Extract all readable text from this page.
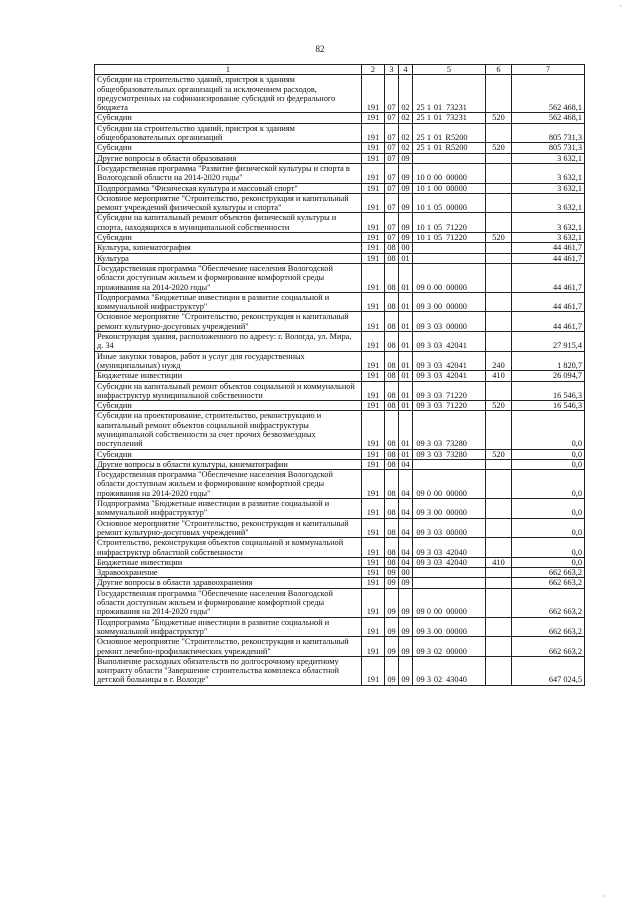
·
82
1	2	3	4	5	6	7
Субсидии на строительство зданий, пристроя к зданиям общеобразовательных организаций за исключением расходов, предусмотренных на софинансирование субсидий из федерального бюджета	191	07	02	25 1 01 73231		562 468,1
Субсидии	191	07	02	25 1 01 73231	520	562 468,1
Субсидии на строительство зданий, пристроя к зданиям общеобразовательных организаций	191	07	02	25 1 01 R5200		805 731,3
Субсидии	191	07	02	25 1 01 R5200	520	805 731,3
Другие вопросы в области образования	191	07	09			3 632,1
Государственная программа "Развитие физической культуры и спорта в Вологодской области на 2014-2020 годы"	191	07	09	10 0 00 00000		3 632,1
Подпрограмма "Физическая культура и массовый спорт"	191	07	09	10 1 00 00000		3 632,1
Основное мероприятие "Строительство, реконструкция и капитальный ремонт учреждений физической культуры и спорта"	191	07	09	10 1 05 00000		3 632,1
Субсидии на капитальный ремонт объектов физической культуры и спорта, находящихся в муниципальной собственности	191	07	09	10 1 05 71220		3 632,1
Субсидии	191	07	09	10 1 05 71220	520	3 632,1
Культура, кинематография	191	08	00			44 461,7
Культура	191	08	01			44 461,7
Государственная программа "Обеспечение населения Вологодской области доступным жильем и формирование комфортной среды проживания на 2014-2020 годы"	191	08	01	09 0 00 00000		44 461,7
Подпрограмма "Бюджетные инвестиции в развитие социальной и коммунальной инфраструктур"	191	08	01	09 3 00 00000		44 461,7
Основное мероприятие "Строительство, реконструкция и капитальный ремонт культурно-досуговых учреждений"	191	08	01	09 3 03 00000		44 461,7
Реконструкция здания, расположенного по адресу: г. Вологда, ул. Мира, д. 34	191	08	01	09 3 03 42041		27 915,4
Иные закупки товаров, работ и услуг для государственных (муниципальных) нужд	191	08	01	09 3 03 42041	240	1 820,7
Бюджетные инвестиции	191	08	01	09 3 03 42041	410	26 094,7
Субсидии на капитальный ремонт объектов социальной и коммунальной инфраструктур муниципальной собственности	191	08	01	09 3 03 71220		16 546,3
Субсидии	191	08	01	09 3 03 71220	520	16 546,3
Субсидии на проектирование, строительство, реконструкцию и капитальный ремонт объектов социальной инфраструктуры муниципальной собственности за счет прочих безвозмездных поступлений	191	08	01	09 3 03 73280		0,0
Субсидии	191	08	01	09 3 03 73280	520	0,0
Другие вопросы в области культуры, кинематографии	191	08	04			0,0
Государственная программа "Обеспечение населения Вологодской области доступным жильем и формирование комфортной среды проживания на 2014-2020 годы"	191	08	04	09 0 00 00000		0,0
Подпрограмма "Бюджетные инвестиции в развитие социальной и коммунальной инфраструктур"	191	08	04	09 3 00 00000		0,0
Основное мероприятие "Строительство, реконструкция и капитальный ремонт культурно-досуговых учреждений"	191	08	04	09 3 03 00000		0,0
Строительство, реконструкция объектов социальной и коммунальной инфраструктур областной собственности	191	08	04	09 3 03 42040		0,0
Бюджетные инвестиции	191	08	04	09 3 03 42040	410	0,0
Здравоохранение	191	09	00			662 663,2
Другие вопросы в области здравоохранения	191	09	09			662 663,2
Государственная программа "Обеспечение населения Вологодской области доступным жильем и формирование комфортной среды проживания на 2014-2020 годы"	191	09	09	09 0 00 00000		662 663,2
Подпрограмма "Бюджетные инвестиции в развитие социальной и коммунальной инфраструктур"	191	09	09	09 3 00 00000		662 663,2
Основное мероприятие "Строительство, реконструкция и капитальный ремонт лечебно-профилактических учреждений"	191	09	09	09 3 02 00000		662 663,2
Выполнение расходных обязательств по долгосрочному кредитному контракту области "Завершение строительства комплекса областной детской больницы в г. Вологде"	191	09	09	09 3 02 43040		647 024,5
·
